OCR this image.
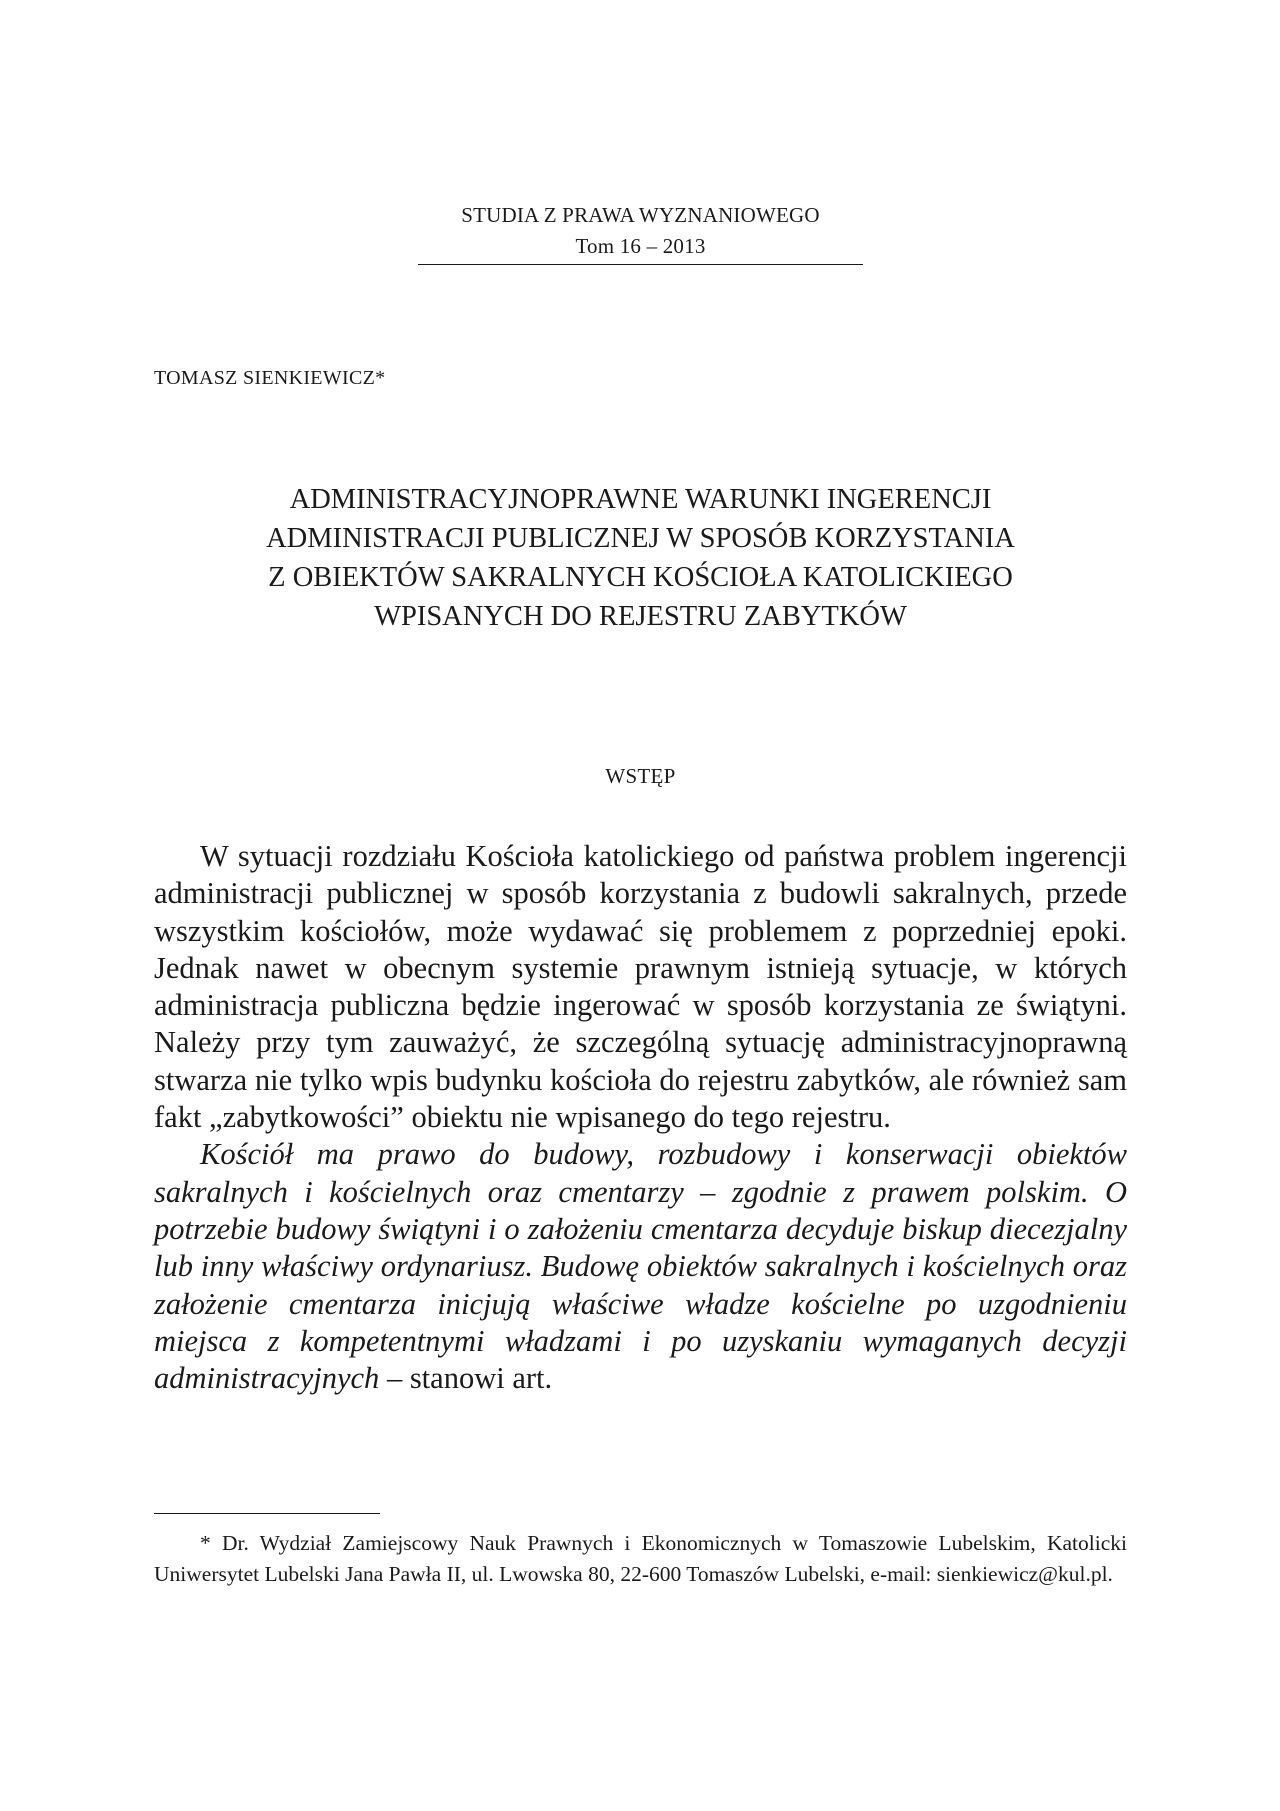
STUDIA Z PRAWA WYZNANIOWEGO
Tom 16 – 2013
TOMASZ SIENKIEWICZ*
ADMINISTRACYJNOPRAWNE WARUNKI INGERENCJI
ADMINISTRACJI PUBLICZNEJ W SPOSÓB KORZYSTANIA
Z OBIEKTÓW SAKRALNYCH KOŚCIOŁA KATOLICKIEGO
WPISANYCH DO REJESTRU ZABYTKÓW
WSTĘP

W sytuacji rozdziału Kościoła katolickiego od państwa problem ingerencji administracji publicznej w sposób korzystania z budowli sakralnych, przede wszystkim kościołów, może wydawać się problemem z poprzedniej epoki. Jednak nawet w obecnym systemie prawnym istnieją sytuacje, w których administracja publiczna będzie ingerować w sposób korzystania ze świątyni. Należy przy tym zauważyć, że szczególną sytuację administracyjnoprawną stwarza nie tylko wpis budynku kościoła do rejestru zabytków, ale również sam fakt „zabytkowości” obiektu nie wpisanego do tego rejestru.

Kościół ma prawo do budowy, rozbudowy i konserwacji obiektów sakralnych i kościelnych oraz cmentarzy – zgodnie z prawem polskim. O potrzebie budowy świątyni i o założeniu cmentarza decyduje biskup diecezjalny lub inny właściwy ordynariusz. Budowę obiektów sakralnych i kościelnych oraz założenie cmentarza inicjują właściwe władze kościelne po uzgodnieniu miejsca z kompetentnymi władzami i po uzyskaniu wymaganych decyzji administracyjnych – stanowi art.

* Dr. Wydział Zamiejscowy Nauk Prawnych i Ekonomicznych w Tomaszowie Lubelskim, Katolicki Uniwersytet Lubelski Jana Pawła II, ul. Lwowska 80, 22-600 Tomaszów Lubelski, e-mail: sienkiewicz@kul.pl.
